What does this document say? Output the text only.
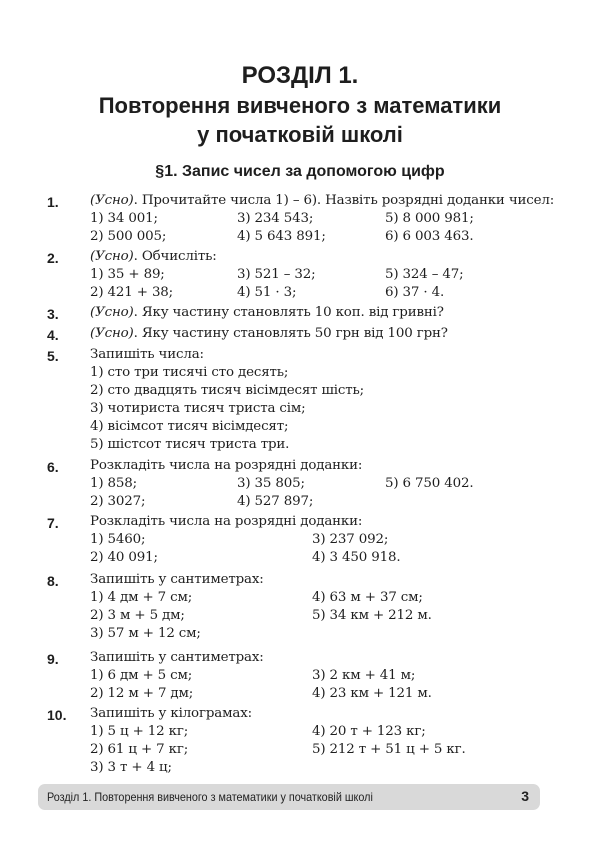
РОЗДІЛ 1.
Повторення вивченого з математики
у початковій школі
§1. Запис чисел за допомогою цифр
1. (Усно). Прочитайте числа 1) – 6). Назвіть розрядні доданки чисел:
1) 34 001;
2) 500 005;
3) 234 543;
4) 5 643 891;
5) 8 000 981;
6) 6 003 463.
2. (Усно). Обчисліть:
1) 35 + 89;
2) 421 + 38;
3) 521 – 32;
4) 51 · 3;
5) 324 – 47;
6) 37 · 4.
3. (Усно). Яку частину становлять 10 коп. від гривні?
4. (Усно). Яку частину становлять 50 грн від 100 грн?
5. Запишіть числа:
1) сто три тисячі сто десять;
2) сто двадцять тисяч вісімдесят шість;
3) чотириста тисяч триста сім;
4) вісімсот тисяч вісімдесят;
5) шістсот тисяч триста три.
6. Розкладіть числа на розрядні доданки:
1) 858;
2) 3027;
3) 35 805;
4) 527 897;
5) 6 750 402.
7. Розкладіть числа на розрядні доданки:
1) 5460;
2) 40 091;
3) 237 092;
4) 3 450 918.
8. Запишіть у сантиметрах:
1) 4 дм + 7 см;
2) 3 м + 5 дм;
3) 57 м + 12 см;
4) 63 м + 37 см;
5) 34 км + 212 м.
9. Запишіть у сантиметрах:
1) 6 дм + 5 см;
2) 12 м + 7 дм;
3) 2 км + 41 м;
4) 23 км + 121 м.
10. Запишіть у кілограмах:
1) 5 ц + 12 кг;
2) 61 ц + 7 кг;
3) 3 т + 4 ц;
4) 20 т + 123 кг;
5) 212 т + 51 ц + 5 кг.
Розділ 1. Повторення вивченого з математики у початковій школі	3
